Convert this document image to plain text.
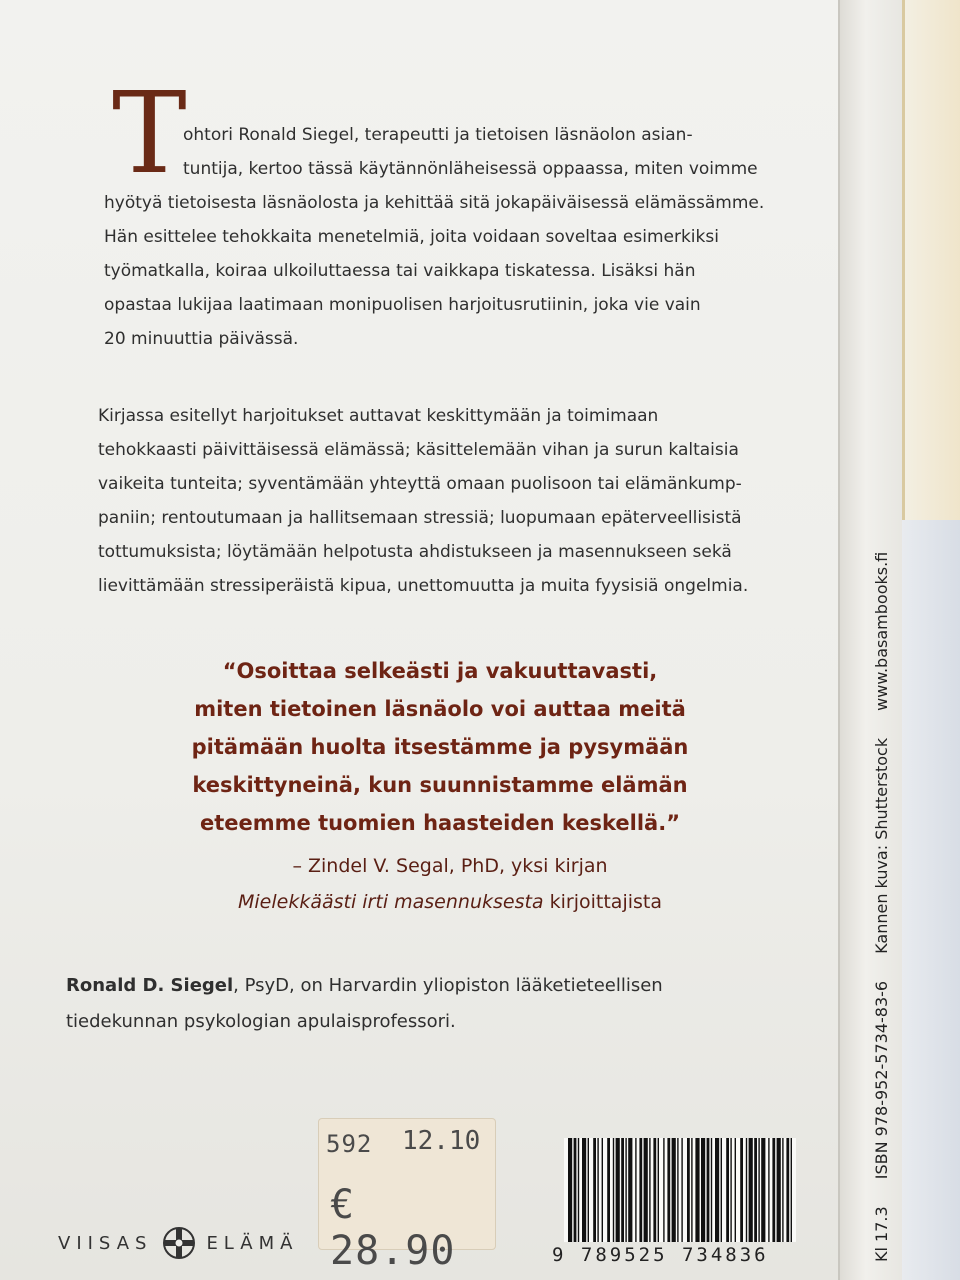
T

ohtori Ronald Siegel, terapeutti ja tietoisen läsnäolon asian-
tuntija, kertoo tässä käytännönläheisessä oppaassa, miten voimme

hyötyä tietoisesta läsnäolosta ja kehittää sitä jokapäiväisessä elämässämme.
Hän esittelee tehokkaita menetelmiä, joita voidaan soveltaa esimerkiksi
työmatkalla, koiraa ulkoiluttaessa tai vaikkapa tiskatessa. Lisäksi hän
opastaa lukijaa laatimaan monipuolisen harjoitusrutiinin, joka vie vain
20 minuuttia päivässä.

Kirjassa esitellyt harjoitukset auttavat keskittymään ja toimimaan
tehokkaasti päivittäisessä elämässä; käsittelemään vihan ja surun kaltaisia
vaikeita tunteita; syventämään yhteyttä omaan puolisoon tai elämänkump-
paniin; rentoutumaan ja hallitsemaan stressiä; luopumaan epäterveellisistä
tottumuksista; löytämään helpotusta ahdistukseen ja masennukseen sekä
lievittämään stressiperäistä kipua, unettomuutta ja muita fyysisiä ongelmia.

“Osoittaa selkeästi ja vakuuttavasti,
miten tietoinen läsnäolo voi auttaa meitä
pitämään huolta itsestämme ja pysymään
keskittyneinä, kun suunnistamme elämän
eteemme tuomien haasteiden keskellä.”

– Zindel V. Segal, PhD, yksi kirjan
Mielekkäästi irti masennuksesta kirjoittajista

Ronald D. Siegel, PsyD, on Harvardin yliopiston lääketieteellisen
tiedekunnan psykologian apulaisprofessori.

VIISAS	ELÄMÄ
592 12.10
€ 28.90	9 789525 734836	Kl 17.3 ISBN 978-952-5734-83-6 Kannen kuva: Shutterstock www.basambooks.fi
